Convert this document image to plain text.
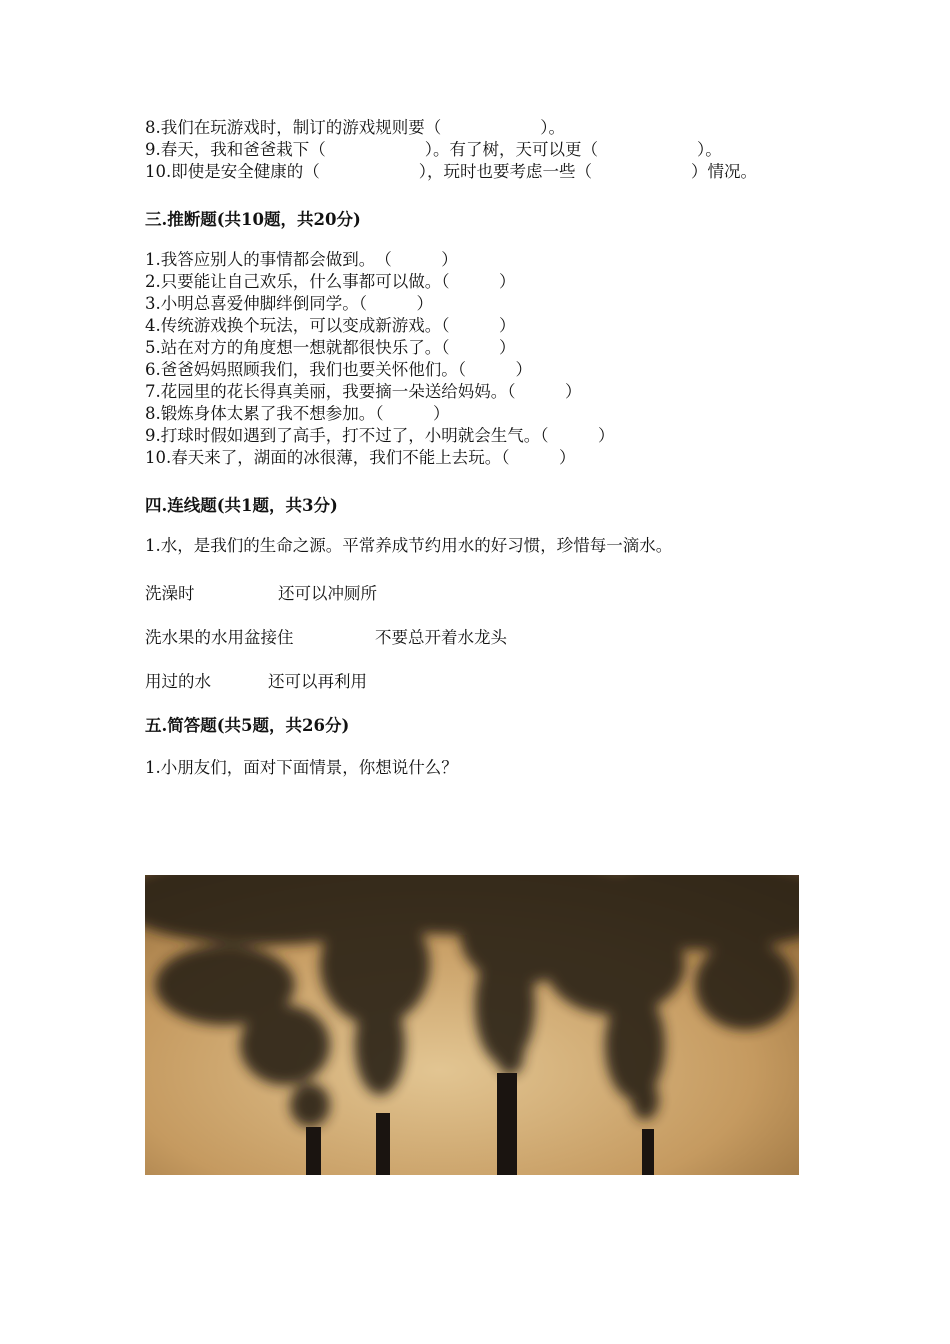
8.我们在玩游戏时，制订的游戏规则要（　　　　　　）。
9.春天，我和爸爸栽下（　　　　　　）。有了树，天可以更（　　　　　　）。
10.即使是安全健康的（　　　　　　），玩时也要考虑一些（　　　　　　）情况。
三.推断题(共10题，共20分)
1.我答应别人的事情都会做到。　（　　　）
2.只要能让自己欢乐，什么事都可以做。（　　　）
3.小明总喜爱伸脚绊倒同学。（　　　）
4.传统游戏换个玩法，可以变成新游戏。（　　　）
5.站在对方的角度想一想就都很快乐了。（　　　）
6.爸爸妈妈照顾我们，我们也要关怀他们。（　　　）
7.花园里的花长得真美丽，我要摘一朵送给妈妈。（　　　）
8.锻炼身体太累了我不想参加。（　　　）
9.打球时假如遇到了高手，打不过了，小明就会生气。（　　　）
10.春天来了，湖面的冰很薄，我们不能上去玩。（　　　）
四.连线题(共1题，共3分)
1.水，是我们的生命之源。平常养成节约用水的好习惯，珍惜每一滴水。
洗澡时	还可以冲厕所
洗水果的水用盆接住	不要总开着水龙头
用过的水	还可以再利用
五.简答题(共5题，共26分)
1.小朋友们，面对下面情景，你想说什么？
